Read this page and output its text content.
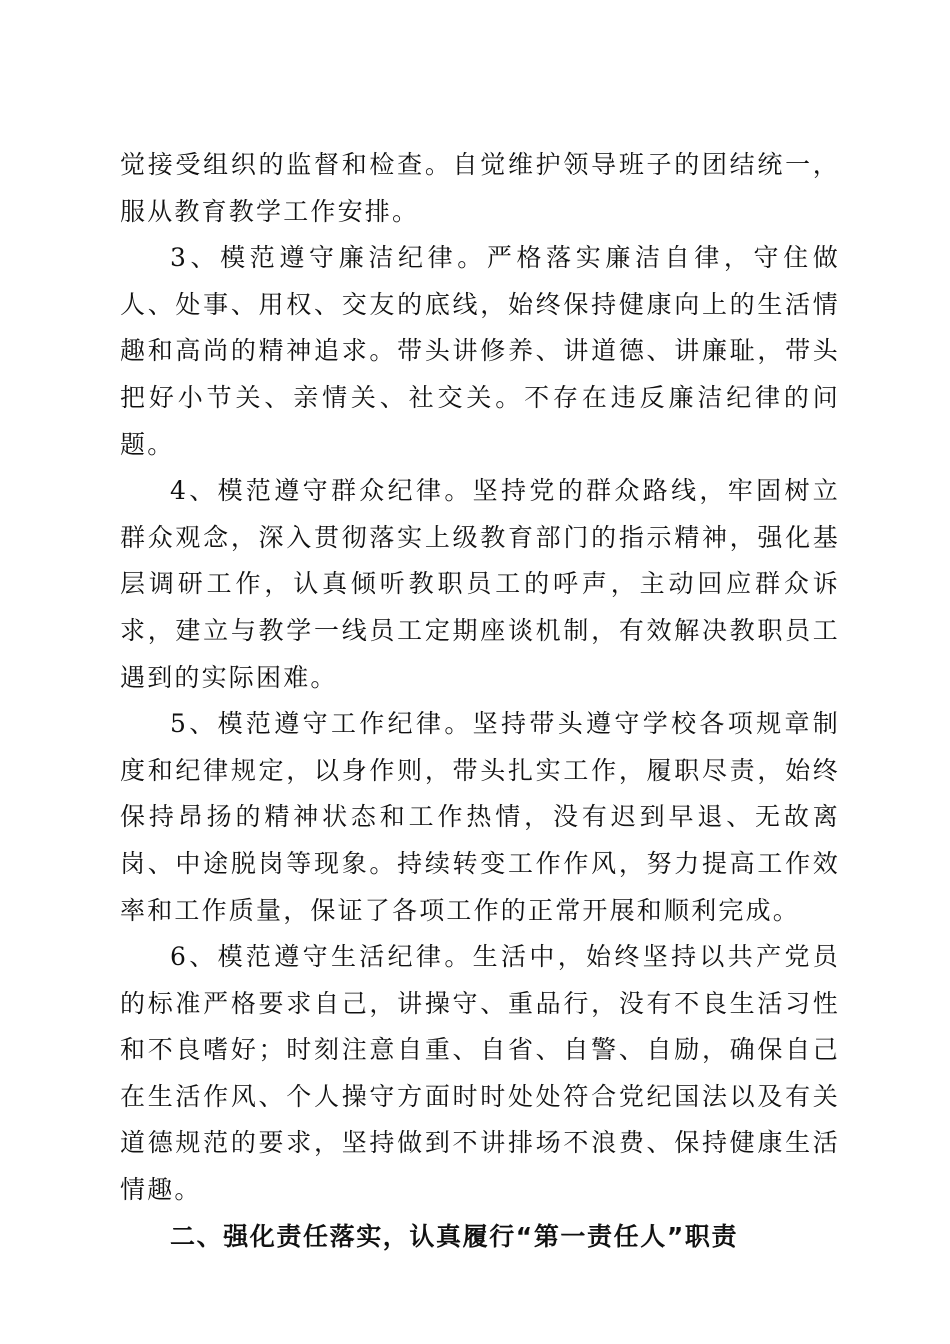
觉接受组织的监督和检查。自觉维护领导班子的团结统一，服从教育教学工作安排。

3、模范遵守廉洁纪律。严格落实廉洁自律，守住做人、处事、用权、交友的底线，始终保持健康向上的生活情趣和高尚的精神追求。带头讲修养、讲道德、讲廉耻，带头把好小节关、亲情关、社交关。不存在违反廉洁纪律的问题。

4、模范遵守群众纪律。坚持党的群众路线，牢固树立群众观念，深入贯彻落实上级教育部门的指示精神，强化基层调研工作，认真倾听教职员工的呼声，主动回应群众诉求，建立与教学一线员工定期座谈机制，有效解决教职员工遇到的实际困难。

5、模范遵守工作纪律。坚持带头遵守学校各项规章制度和纪律规定，以身作则，带头扎实工作，履职尽责，始终保持昂扬的精神状态和工作热情，没有迟到早退、无故离岗、中途脱岗等现象。持续转变工作作风，努力提高工作效率和工作质量，保证了各项工作的正常开展和顺利完成。

6、模范遵守生活纪律。生活中，始终坚持以共产党员的标准严格要求自己，讲操守、重品行，没有不良生活习性和不良嗜好；时刻注意自重、自省、自警、自励，确保自己在生活作风、个人操守方面时时处处符合党纪国法以及有关道德规范的要求，坚持做到不讲排场不浪费、保持健康生活情趣。

二、强化责任落实，认真履行“第一责任人”职责
